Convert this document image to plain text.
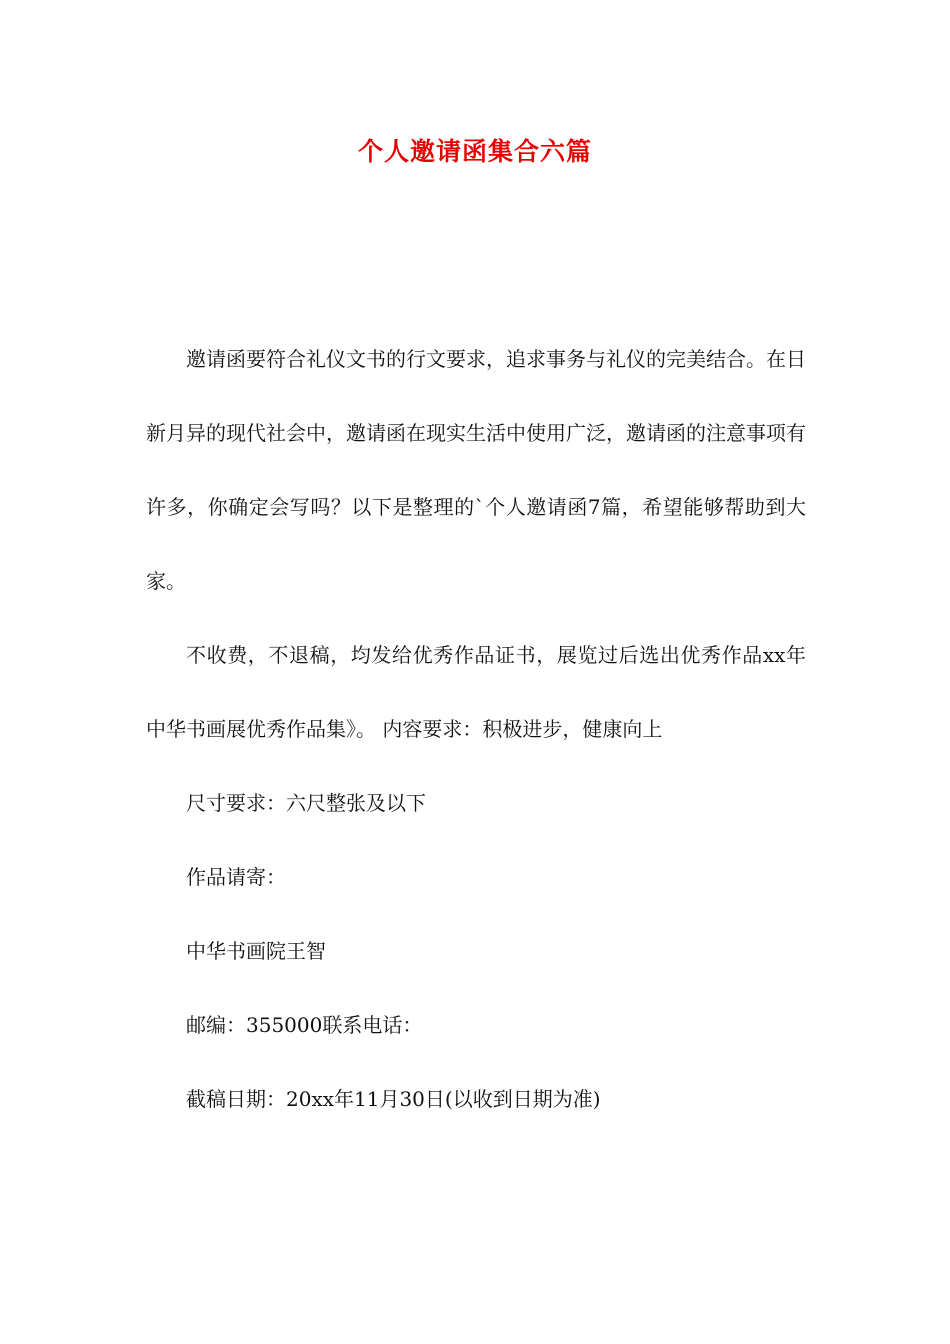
个人邀请函集合六篇

邀请函要符合礼仪文书的行文要求，追求事务与礼仪的完美结合。在日新月异的现代社会中，邀请函在现实生活中使用广泛，邀请函的注意事项有许多，你确定会写吗？以下是整理的`个人邀请函7篇，希望能够帮助到大家。

不收费，不退稿，均发给优秀作品证书，展览过后选出优秀作品xx年中华书画展优秀作品集》。 内容要求：积极进步，健康向上

尺寸要求：六尺整张及以下

作品请寄：

中华书画院王智

邮编：355000联系电话：

截稿日期：20xx年11月30日(以收到日期为准)
